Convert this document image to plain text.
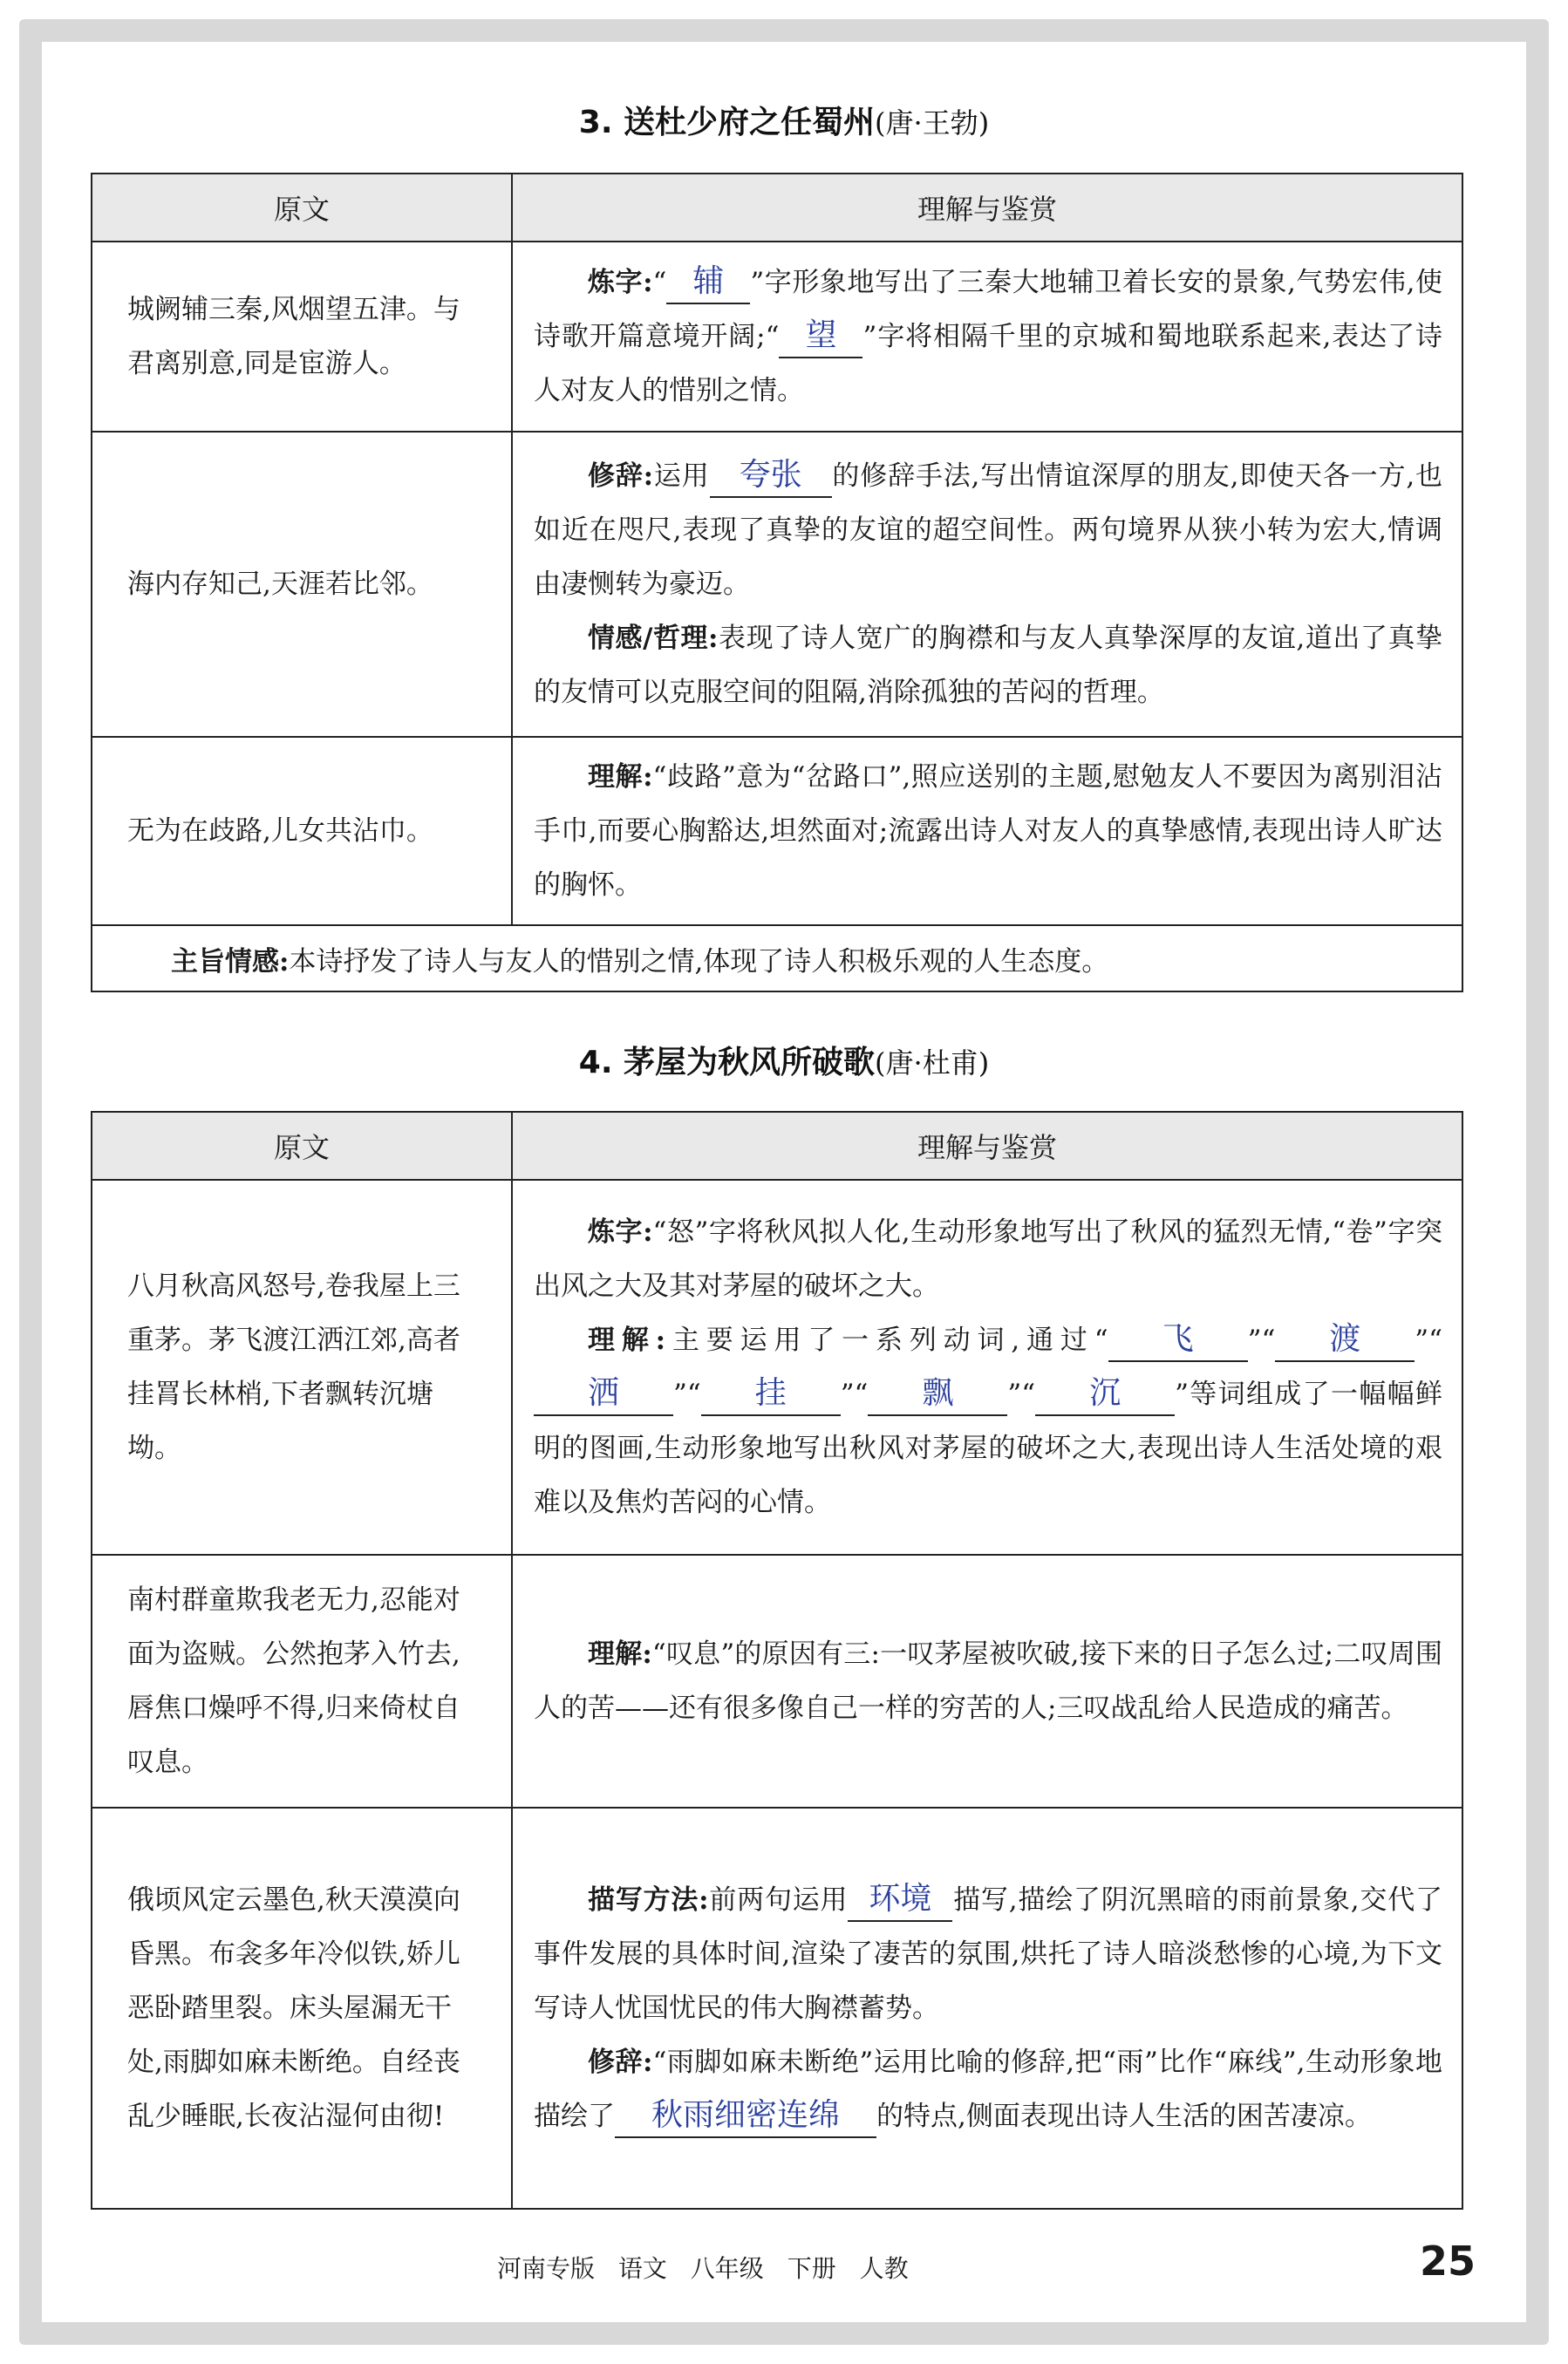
3. 送杜少府之任蜀州(唐·王勃)
原文	理解与鉴赏
城阙辅三秦,风烟望五津。与君离别意,同是宦游人。	炼字:“ 辅 ”字形象地写出了三秦大地辅卫着长安的景象,气势宏伟,使诗歌开篇意境开阔;“ 望 ”字将相隔千里的京城和蜀地联系起来,表达了诗人对友人的惜别之情。

海内存知己,天涯若比邻。	修辞:运用 夸张 的修辞手法,写出情谊深厚的朋友,即使天各一方,也如近在咫尺,表现了真挚的友谊的超空间性。两句境界从狭小转为宏大,情调由凄恻转为豪迈。
情感/哲理:表现了诗人宽广的胸襟和与友人真挚深厚的友谊,道出了真挚的友情可以克服空间的阻隔,消除孤独的苦闷的哲理。

无为在歧路,儿女共沾巾。	理解:“歧路”意为“岔路口”,照应送别的主题,慰勉友人不要因为离别泪沾手巾,而要心胸豁达,坦然面对;流露出诗人对友人的真挚感情,表现出诗人旷达的胸怀。

主旨情感:本诗抒发了诗人与友人的惜别之情,体现了诗人积极乐观的人生态度。	
4. 茅屋为秋风所破歌(唐·杜甫)
原文	理解与鉴赏
八月秋高风怒号,卷我屋上三重茅。茅飞渡江洒江郊,高者挂罥长林梢,下者飘转沉塘坳。	炼字:“怒”字将秋风拟人化,生动形象地写出了秋风的猛烈无情,“卷”字突出风之大及其对茅屋的破坏之大。
理解:主要运用了一系列动词,通过“ 飞 ”“ 渡 ”“洒 ”“ 挂 ”“ 飘 ”“ 沉 ”等词组成了一幅幅鲜明的图画,生动形象地写出秋风对茅屋的破坏之大,表现出诗人生活处境的艰难以及焦灼苦闷的心情。

南村群童欺我老无力,忍能对面为盗贼。公然抱茅入竹去,唇焦口燥呼不得,归来倚杖自叹息。	理解:“叹息”的原因有三:一叹茅屋被吹破,接下来的日子怎么过;二叹周围人的苦——还有很多像自己一样的穷苦的人;三叹战乱给人民造成的痛苦。

俄顷风定云墨色,秋天漠漠向昏黑。布衾多年冷似铁,娇儿恶卧踏里裂。床头屋漏无干处,雨脚如麻未断绝。自经丧乱少睡眠,长夜沾湿何由彻!	描写方法:前两句运用 环境 描写,描绘了阴沉黑暗的雨前景象,交代了事件发展的具体时间,渲染了凄苦的氛围,烘托了诗人暗淡愁惨的心境,为下文写诗人忧国忧民的伟大胸襟蓄势。
修辞:“雨脚如麻未断绝”运用比喻的修辞,把“雨”比作“麻线”,生动形象地描绘了 秋雨细密连绵 的特点,侧面表现出诗人生活的困苦凄凉。
河南专版 语文 八年级 下册 人教	25
